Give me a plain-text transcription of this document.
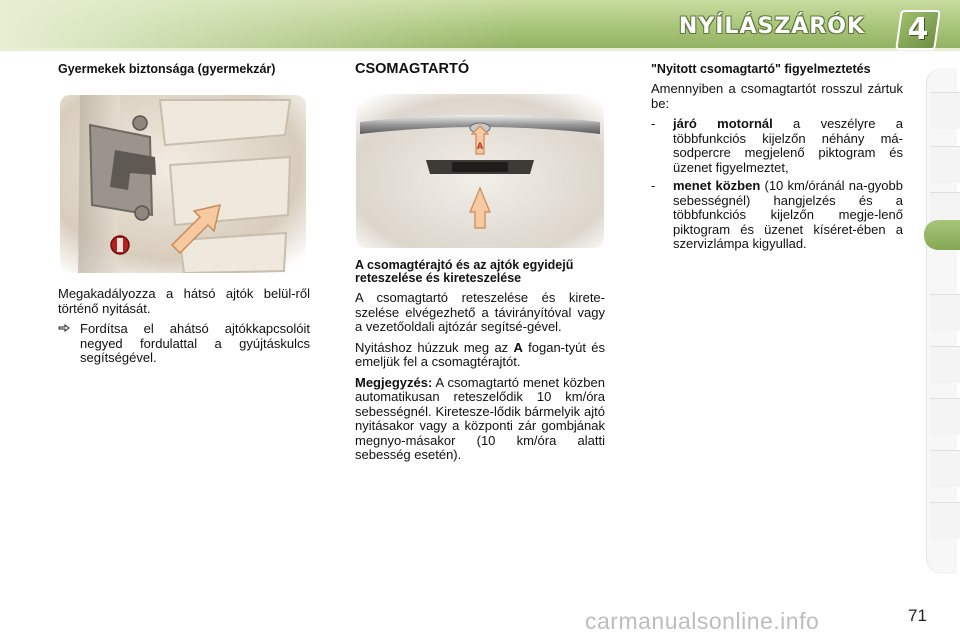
NYÍLÁSZÁRÓK	4
Gyermekek biztonsága (gyermekzár)

Megakadályozza a hátsó ajtók belül-ről történő nyitását.

Fordítsa el ahátsó ajtókkapcsolóit negyed fordulattal a gyújtáskulcs segítségével.
CSOMAGTARTÓ
A
A csomagtérajtó és az ajtók egyidejű reteszelése és kireteszelése

A csomagtartó reteszelése és kirete-szelése elvégezhető a távirányítóval vagy a vezetőoldali ajtózár segítsé-gével.

Nyitáshoz húzzuk meg az A fogan-tyút és emeljük fel a csomagtérajtót.

Megjegyzés: A csomagtartó menet közben automatikusan reteszelődik 10 km/óra sebességnél. Kiretesze-lődik bármelyik ajtó nyitásakor vagy a központi zár gombjának megnyo-másakor (10 km/óra alatti sebesség esetén).

"Nyitott csomagtartó" figyelmeztetés

Amennyiben a csomagtartót rosszul zártuk be:

-	járó motornál a veszélyre a többfunkciós kijelzőn néhány má-sodpercre megjelenő piktogram és üzenet figyelmeztet,
-	menet közben (10 km/óránál na-gyobb sebességnél) hangjelzés és a többfunkciós kijelzőn megje-lenő piktogram és üzenet kíséret-ében a szervizlámpa kigyullad.
carmanualsonline.info	71
